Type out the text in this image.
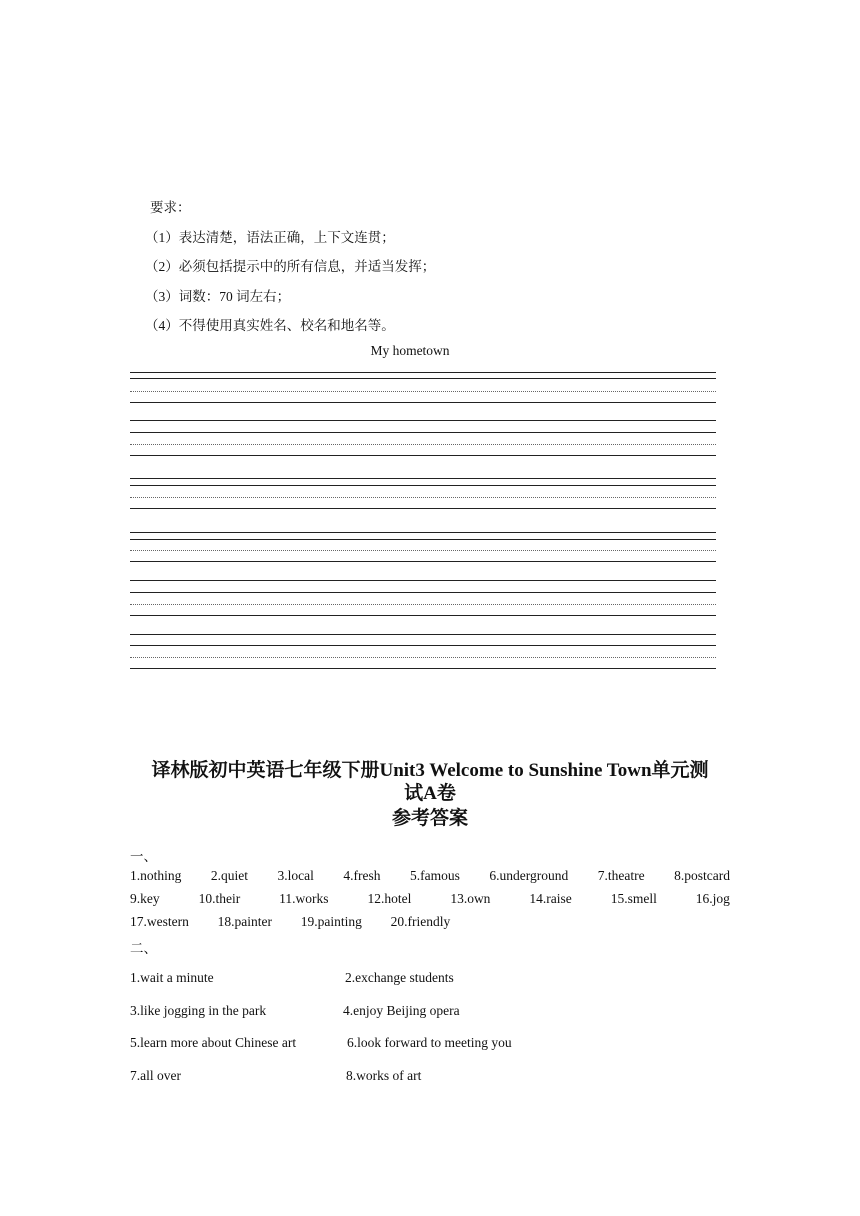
要求：
（1）表达清楚，语法正确，上下文连贯；
（2）必须包括提示中的所有信息，并适当发挥；
（3）词数：70 词左右；
（4）不得使用真实姓名、校名和地名等。
My hometown
译林版初中英语七年级下册Unit3 Welcome to Sunshine Town单元测
试A卷
参考答案
一、
1.nothing 2.quiet 3.local 4.fresh 5.famous 6.underground 7.theatre 8.postcard
9.key	10.their	11.works	12.hotel	13.own	14.raise	15.smell	16.jog
17.western 18.painter 19.painting 20.friendly
二、
1.wait a minute	2.exchange students
3.like jogging in the park	4.enjoy Beijing opera
5.learn more about Chinese art	6.look forward to meeting you
7.all over	8.works of art
